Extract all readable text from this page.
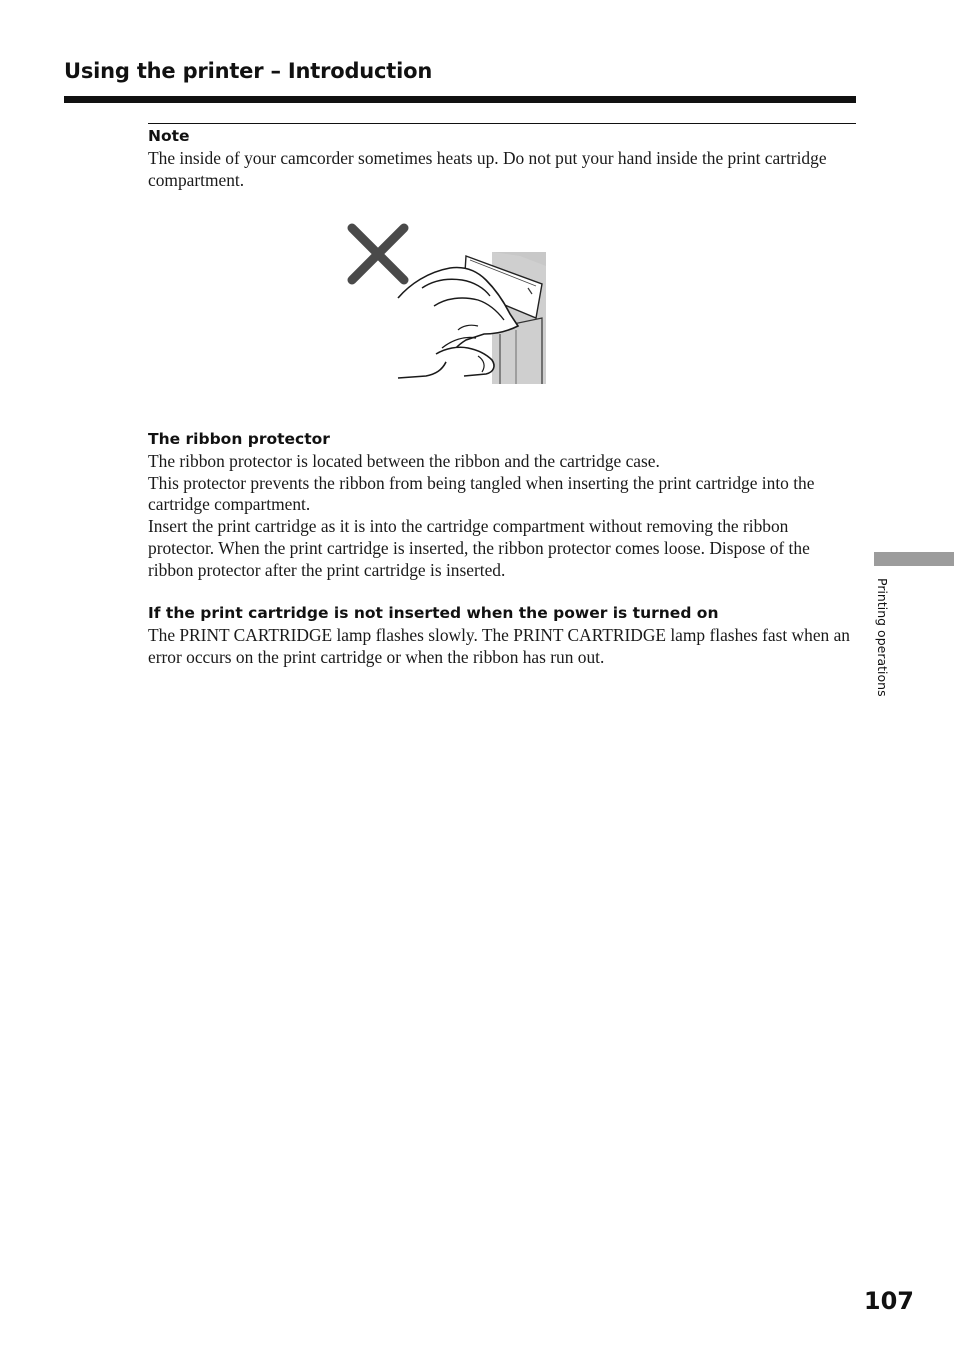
Using the printer – Introduction
Note
The inside of your camcorder sometimes heats up. Do not put your hand inside the print cartridge compartment.
The ribbon protector
The ribbon protector is located between the ribbon and the cartridge case.
This protector prevents the ribbon from being tangled when inserting the print cartridge into the cartridge compartment.
Insert the print cartridge as it is into the cartridge compartment without removing the ribbon protector. When the print cartridge is inserted, the ribbon protector comes loose. Dispose of the ribbon protector after the print cartridge is inserted.
If the print cartridge is not inserted when the power is turned on
The PRINT CARTRIDGE lamp flashes slowly. The PRINT CARTRIDGE lamp flashes fast when an error occurs on the print cartridge or when the ribbon has run out.	Printing operations
107
